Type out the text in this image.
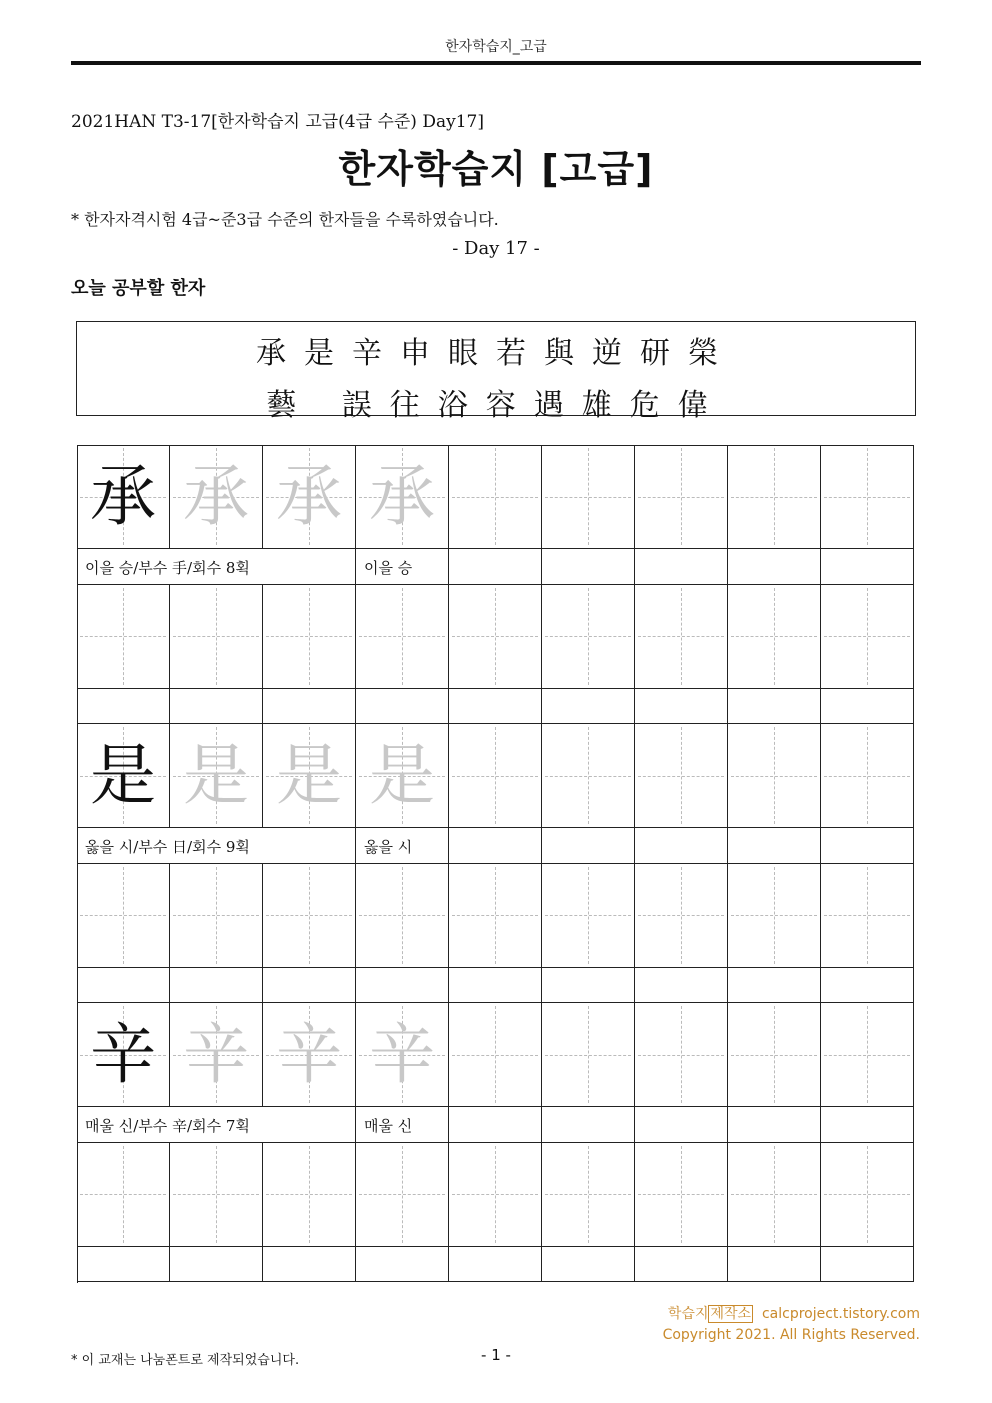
한자학습지_고급
2021HAN T3-17[한자학습지 고급(4급 수준) Day17]
한자학습지 [고급]
* 한자자격시험 4급~준3급 수준의 한자들을 수록하였습니다.
- Day 17 -
오늘 공부할 한자
承是辛申眼若與逆研榮
藝 誤往浴容遇雄危偉
承 承 承 承
이을 승/부수 手/회수 8획	이을 승
是 是 是 是
옳을 시/부수 日/회수 9획	옳을 시
辛 辛 辛 辛
매울 신/부수 辛/회수 7획	매울 신
학습지 제작소 calcproject.tistory.com
Copyright 2021. All Rights Reserved.
* 이 교재는 나눔폰트로 제작되었습니다.	- 1 -
